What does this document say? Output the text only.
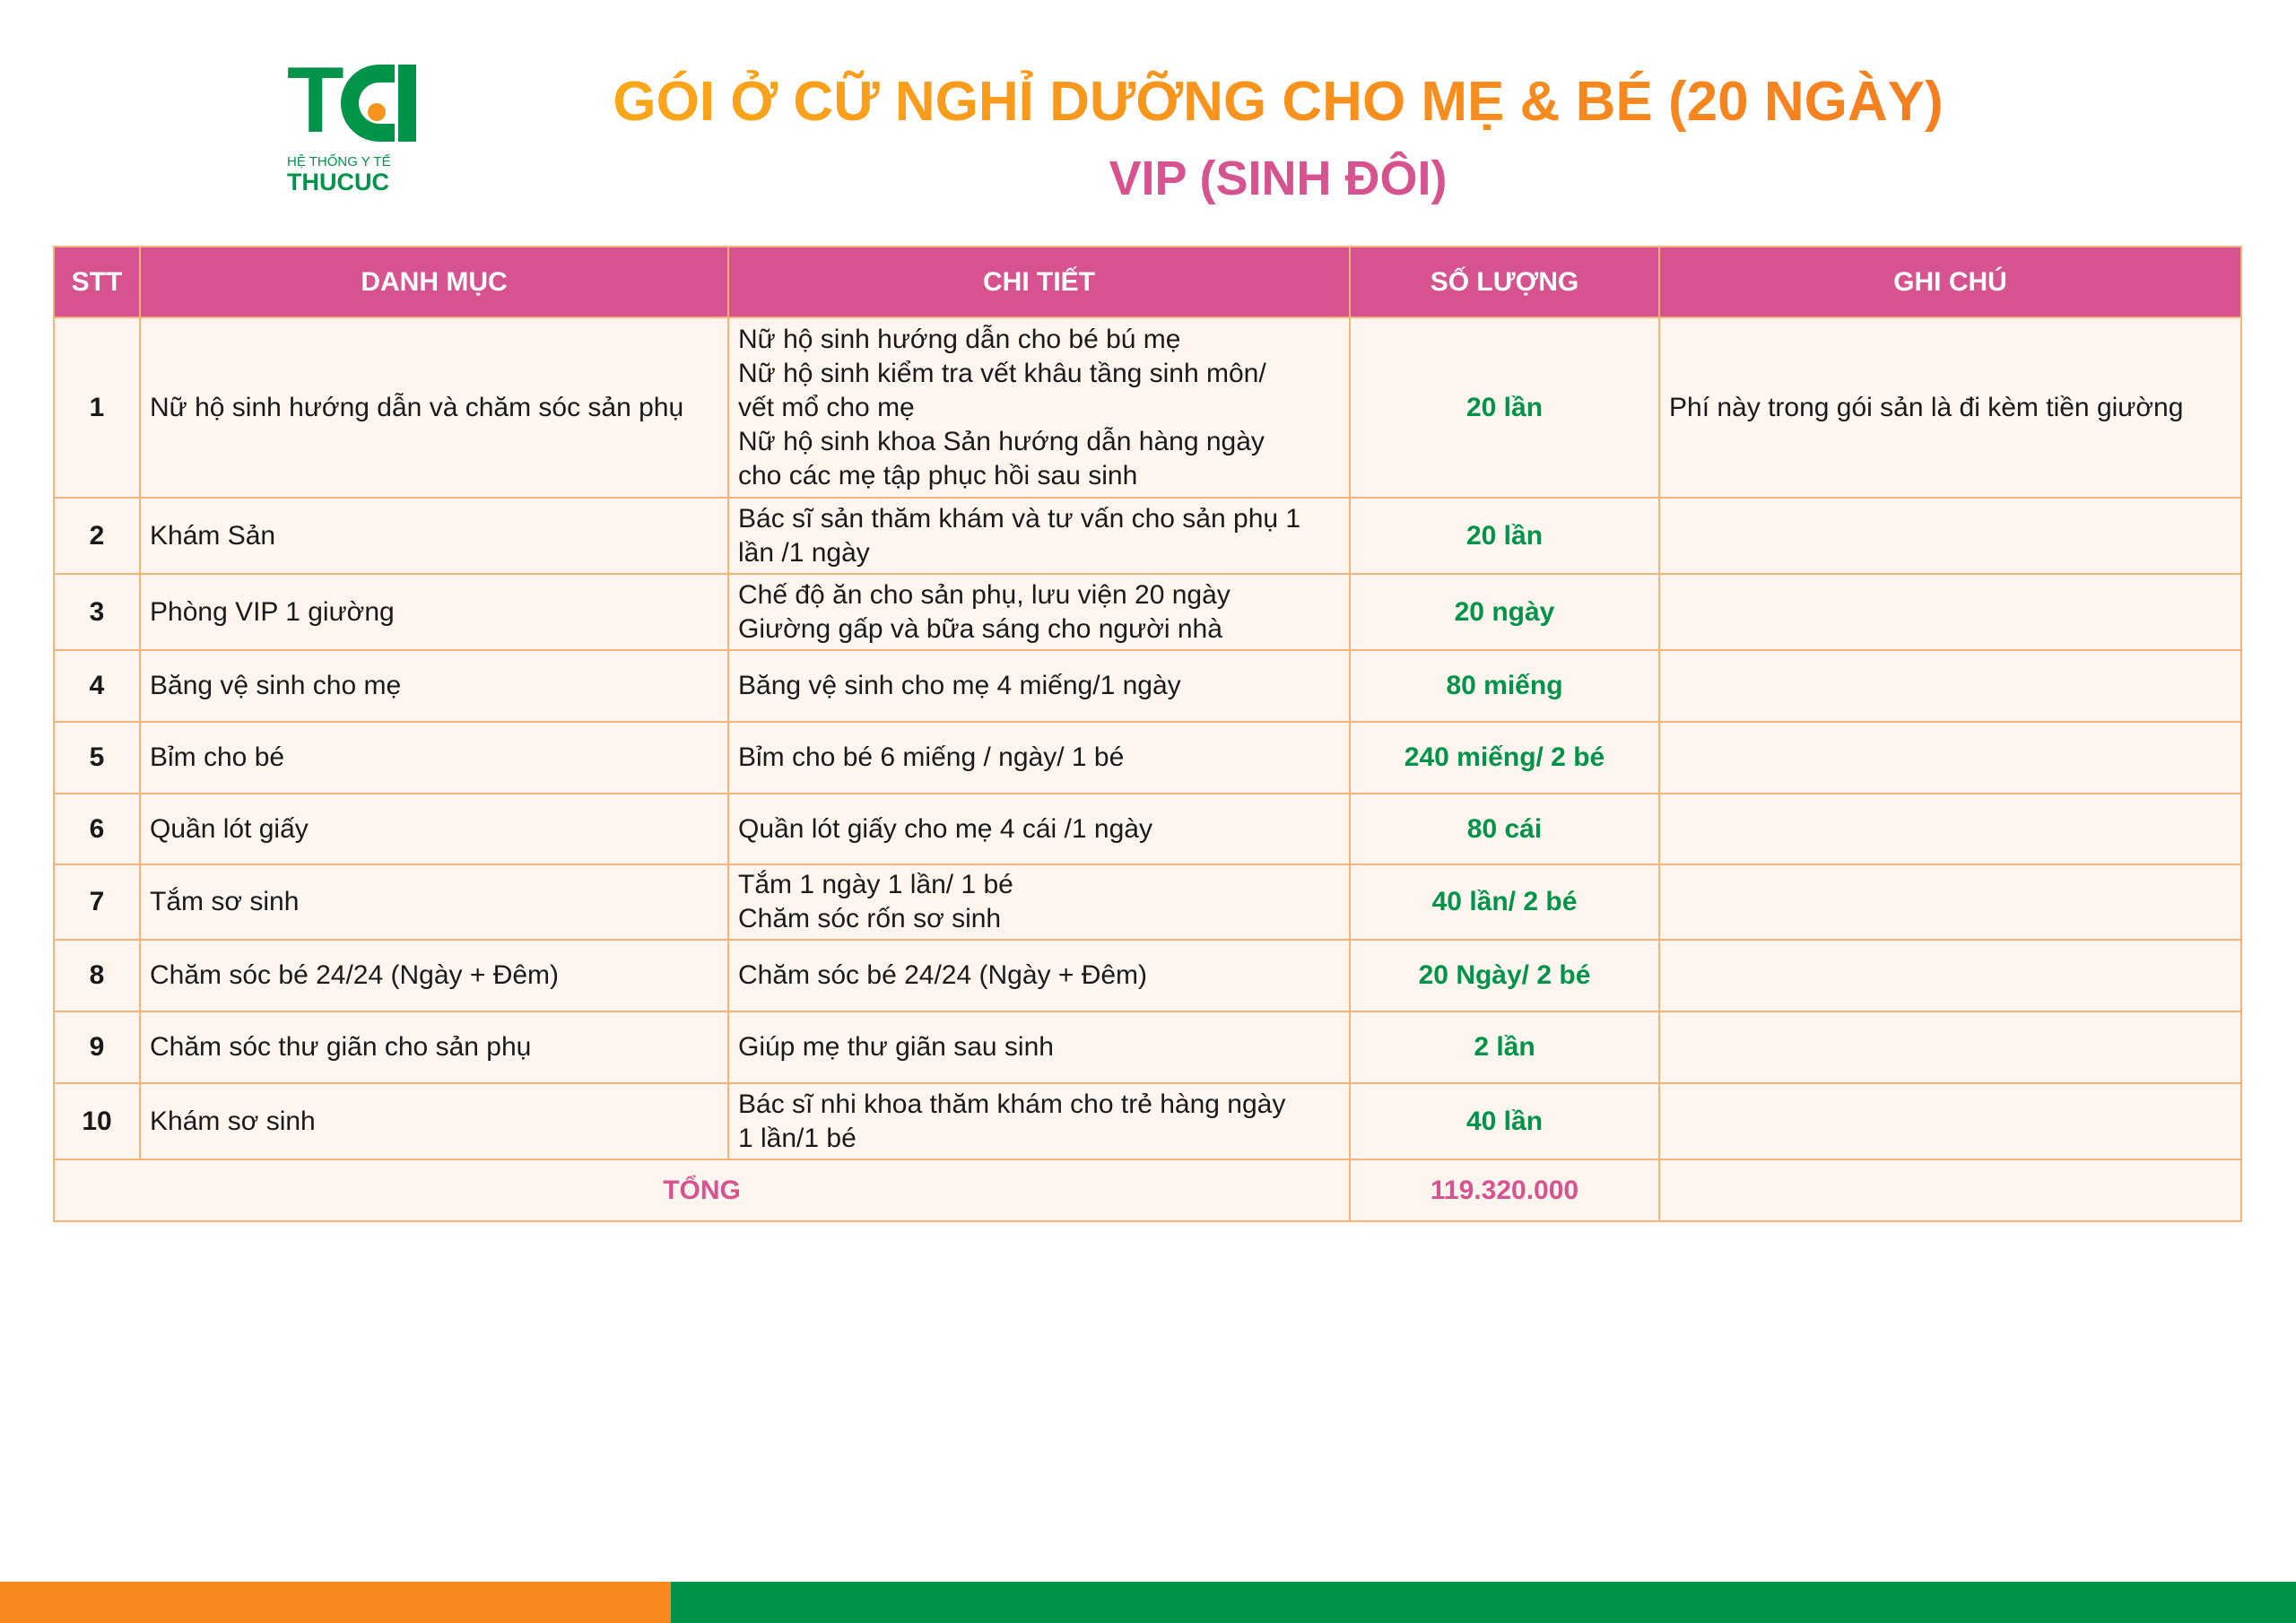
T
HỆ THỐNG Y TẾ
THUCUC
GÓI Ở CỮ NGHỈ DƯỠNG CHO MẸ & BÉ (20 NGÀY)
VIP (SINH ĐÔI)
STT	DANH MỤC	CHI TIẾT	SỐ LƯỢNG	GHI CHÚ
1	Nữ hộ sinh hướng dẫn và chăm sóc sản phụ	Nữ hộ sinh hướng dẫn cho bé bú mẹ
Nữ hộ sinh kiểm tra vết khâu tầng sinh môn/
vết mổ cho mẹ
Nữ hộ sinh khoa Sản hướng dẫn hàng ngày
cho các mẹ tập phục hồi sau sinh	20 lần	Phí này trong gói sản là đi kèm tiền giường
2	Khám Sản	Bác sĩ sản thăm khám và tư vấn cho sản phụ 1
lần /1 ngày	20 lần	
3	Phòng VIP 1 giường	Chế độ ăn cho sản phụ, lưu viện 20 ngày
Giường gấp và bữa sáng cho người nhà	20 ngày	
4	Băng vệ sinh cho mẹ	Băng vệ sinh cho mẹ 4 miếng/1 ngày	80 miếng	
5	Bỉm cho bé	Bỉm cho bé 6 miếng / ngày/ 1 bé	240 miếng/ 2 bé	
6	Quần lót giấy	Quần lót giấy cho mẹ 4 cái /1 ngày	80 cái	
7	Tắm sơ sinh	Tắm 1 ngày 1 lần/ 1 bé
Chăm sóc rốn sơ sinh	40 lần/ 2 bé	
8	Chăm sóc bé 24/24 (Ngày + Đêm)	Chăm sóc bé 24/24 (Ngày + Đêm)	20 Ngày/ 2 bé	
9	Chăm sóc thư giãn cho sản phụ	Giúp mẹ thư giãn sau sinh	2 lần	
10	Khám sơ sinh	Bác sĩ nhi khoa thăm khám cho trẻ hàng ngày
1 lần/1 bé	40 lần	
TỔNG			119.320.000	
